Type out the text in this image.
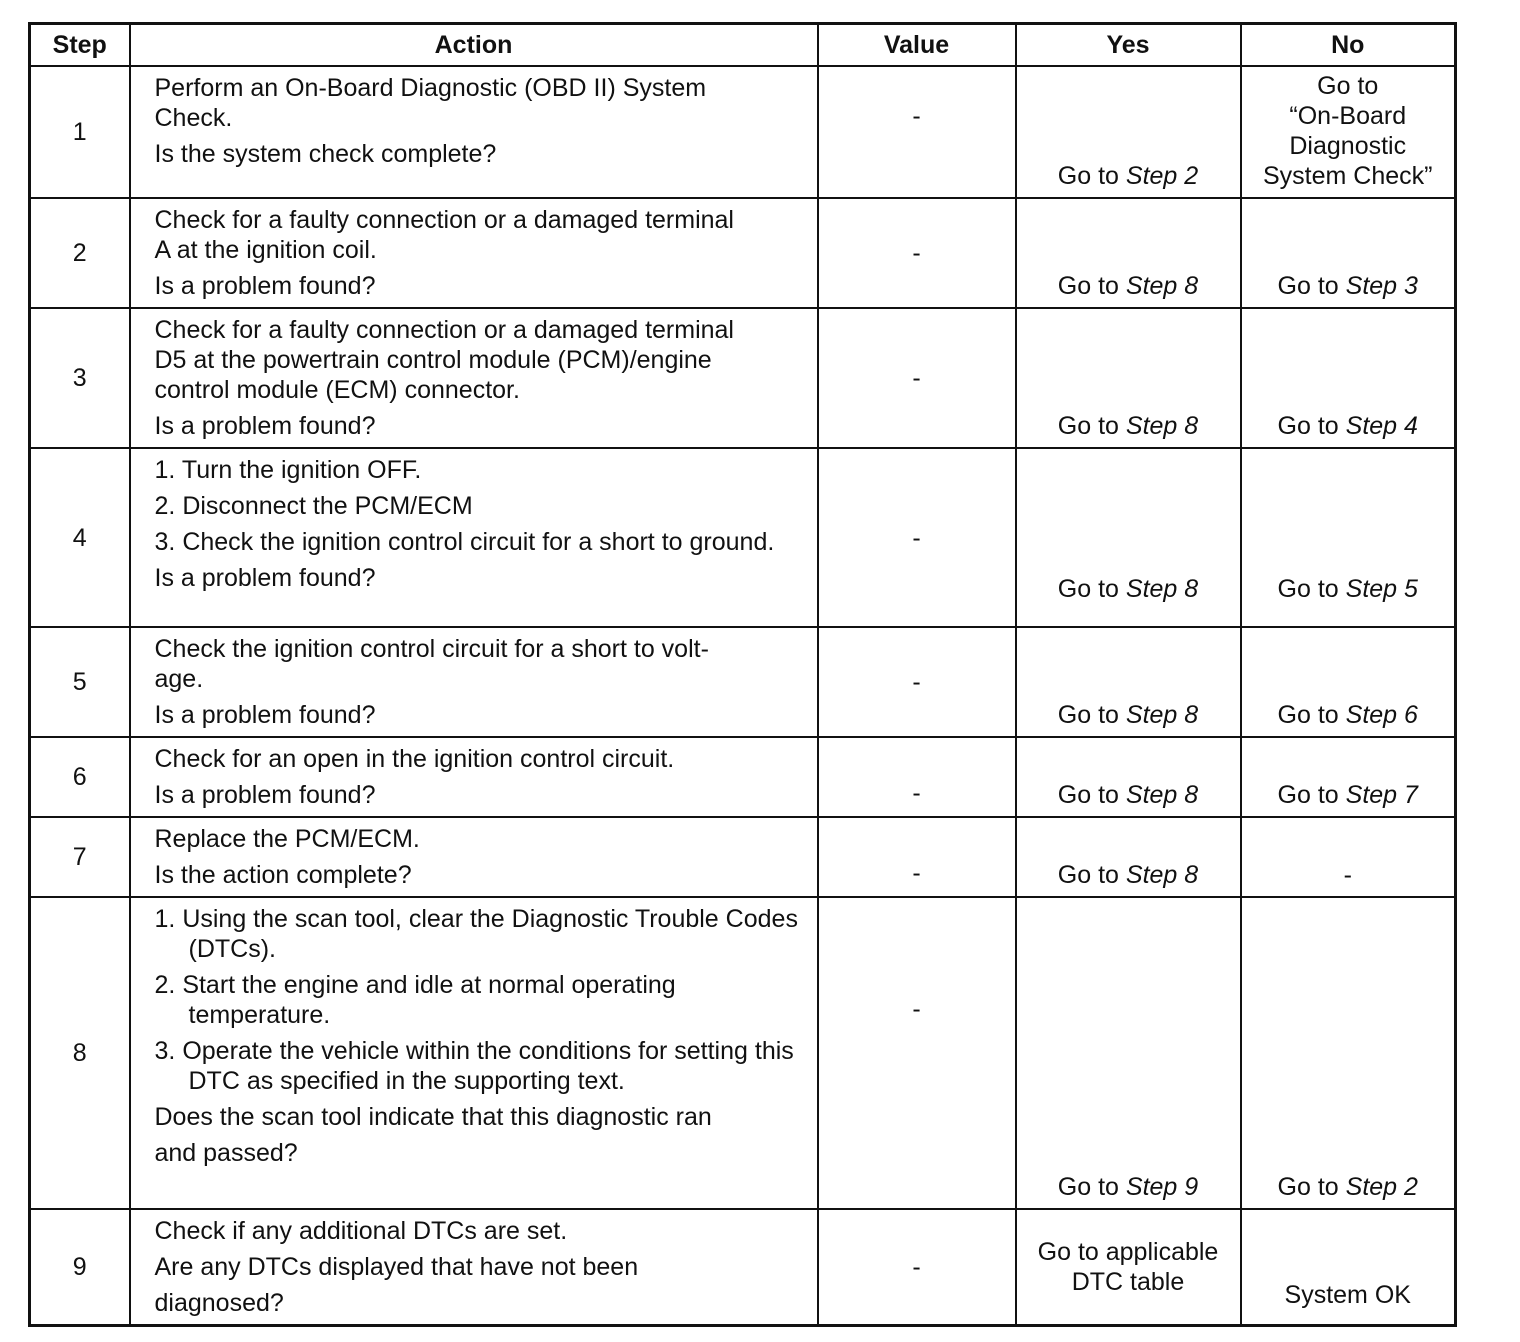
Step	Action	Value	Yes	No
1	Perform an On-Board Diagnostic (OBD II) System
Check.
Is the system check complete?	-	Go to Step 2	Go to
“On-Board
Diagnostic
System Check”

2	Check for a faulty connection or a damaged terminal
A at the ignition coil.
Is a problem found?	-	Go to Step 8	Go to Step 3
3	Check for a faulty connection or a damaged terminal
D5 at the powertrain control module (PCM)/engine
control module (ECM) connector.
Is a problem found?	-	Go to Step 8	Go to Step 4
4	1. Turn the ignition OFF.
2. Disconnect the PCM/ECM
3. Check the ignition control circuit for a short to ground.
Is a problem found?	-	Go to Step 8	Go to Step 5
5	Check the ignition control circuit for a short to volt-
age.
Is a problem found?	-	Go to Step 8	Go to Step 6
6	Check for an open in the ignition control circuit.
Is a problem found?	-	Go to Step 8	Go to Step 7
7	Replace the PCM/ECM.
Is the action complete?	-	Go to Step 8	-
8	1. Using the scan tool, clear the Diagnostic Trouble Codes (DTCs).
2. Start the engine and idle at normal operating temperature.
3. Operate the vehicle within the conditions for setting this DTC as specified in the supporting text.
Does the scan tool indicate that this diagnostic ran
and passed?	-	Go to Step 9	Go to Step 2
9	Check if any additional DTCs are set.
Are any DTCs displayed that have not been
diagnosed?	-	Go to applicable
DTC table	System OK
